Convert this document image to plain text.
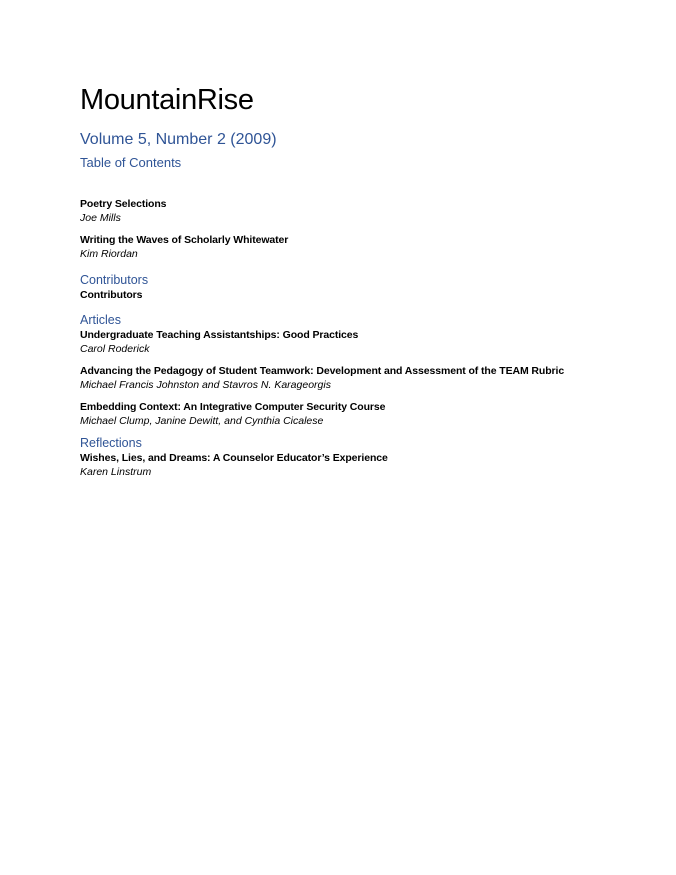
MountainRise
Volume 5, Number 2 (2009)
Table of Contents
Poetry Selections
Joe Mills
Writing the Waves of Scholarly Whitewater
Kim Riordan
Contributors
Contributors
Articles
Undergraduate Teaching Assistantships: Good Practices
Carol Roderick
Advancing the Pedagogy of Student Teamwork: Development and Assessment of the TEAM Rubric
Michael Francis Johnston and Stavros N. Karageorgis
Embedding Context: An Integrative Computer Security Course
Michael Clump, Janine Dewitt, and Cynthia Cicalese
Reflections
Wishes, Lies, and Dreams: A Counselor Educator’s Experience
Karen Linstrum
